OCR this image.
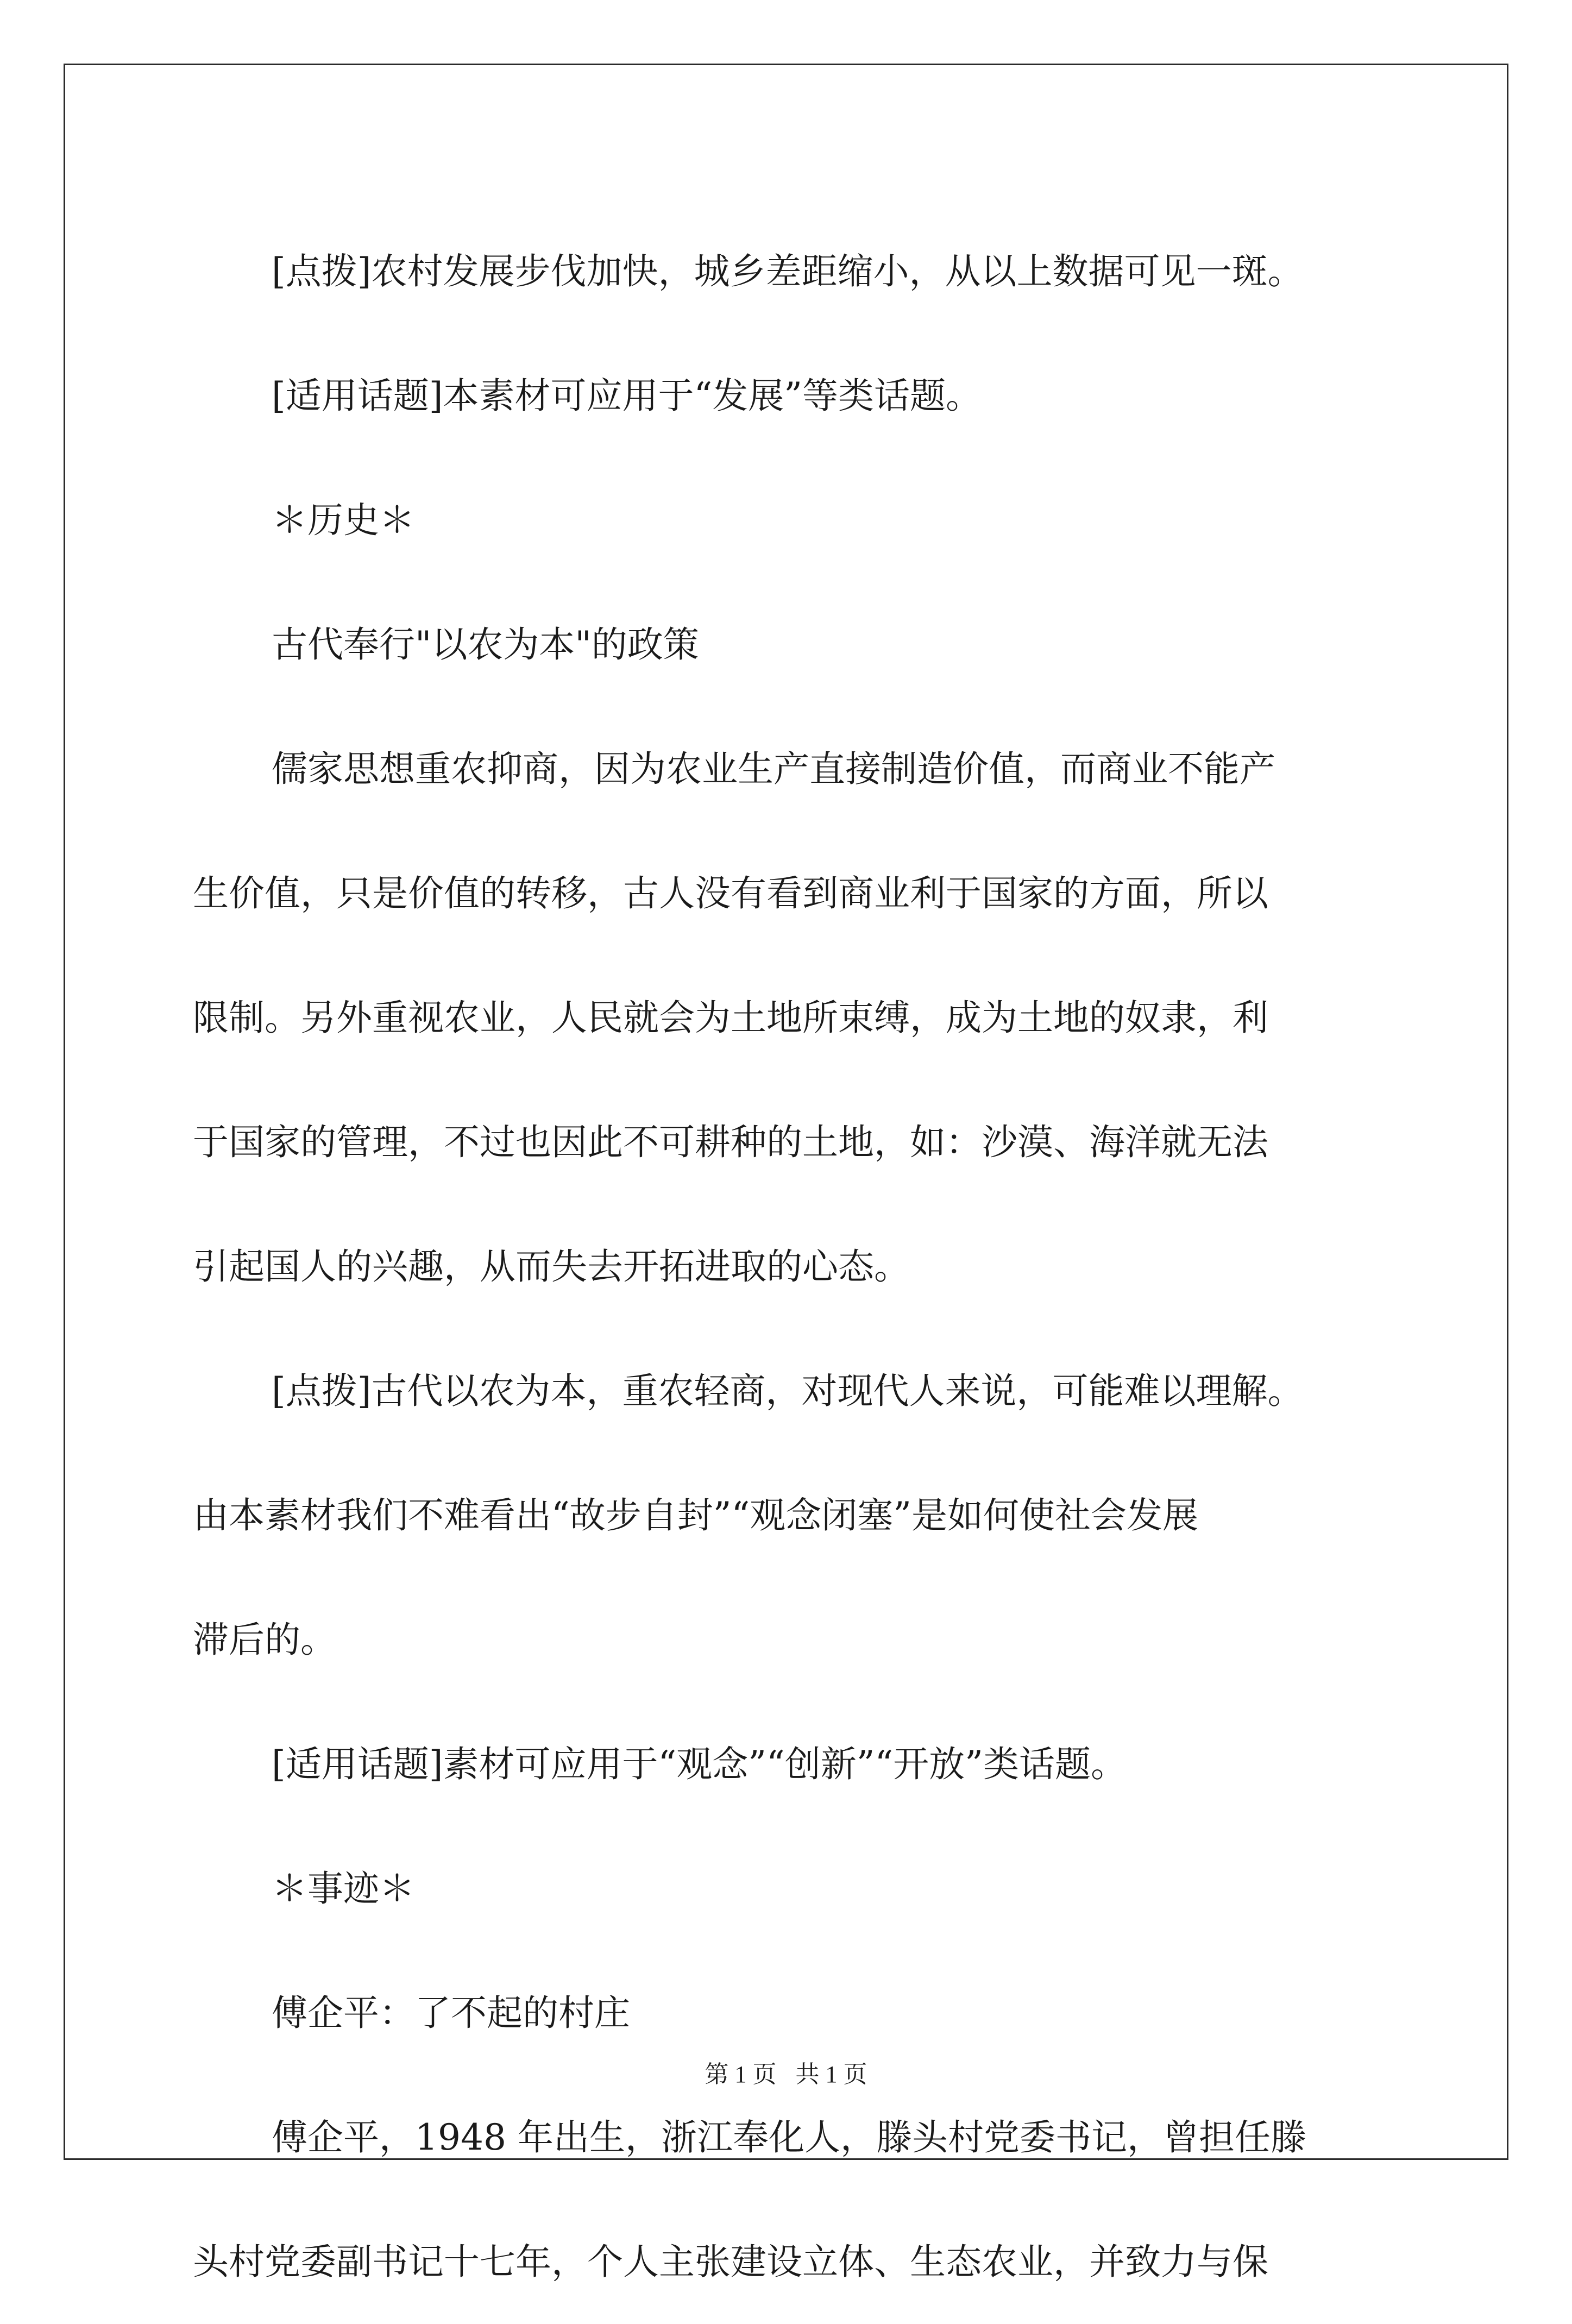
[点拨]农村发展步伐加快，城乡差距缩小，从以上数据可见一斑。

[适用话题]本素材可应用于“发展”等类话题。

＊历史＊

古代奉行"以农为本"的政策

儒家思想重农抑商，因为农业生产直接制造价值，而商业不能产

生价值，只是价值的转移，古人没有看到商业利于国家的方面，所以

限制。另外重视农业，人民就会为土地所束缚，成为土地的奴隶，利

于国家的管理，不过也因此不可耕种的土地，如：沙漠、海洋就无法

引起国人的兴趣，从而失去开拓进取的心态。

[点拨]古代以农为本，重农轻商，对现代人来说，可能难以理解。

由本素材我们不难看出“故步自封”“观念闭塞”是如何使社会发展

滞后的。

[适用话题]素材可应用于“观念”“创新”“开放”类话题。

＊事迹＊

傅企平：了不起的村庄

傅企平，1948 年出生，浙江奉化人，滕头村党委书记，曾担任滕

头村党委副书记十七年，个人主张建设立体、生态农业，并致力与保

第 1 页 共 1 页
